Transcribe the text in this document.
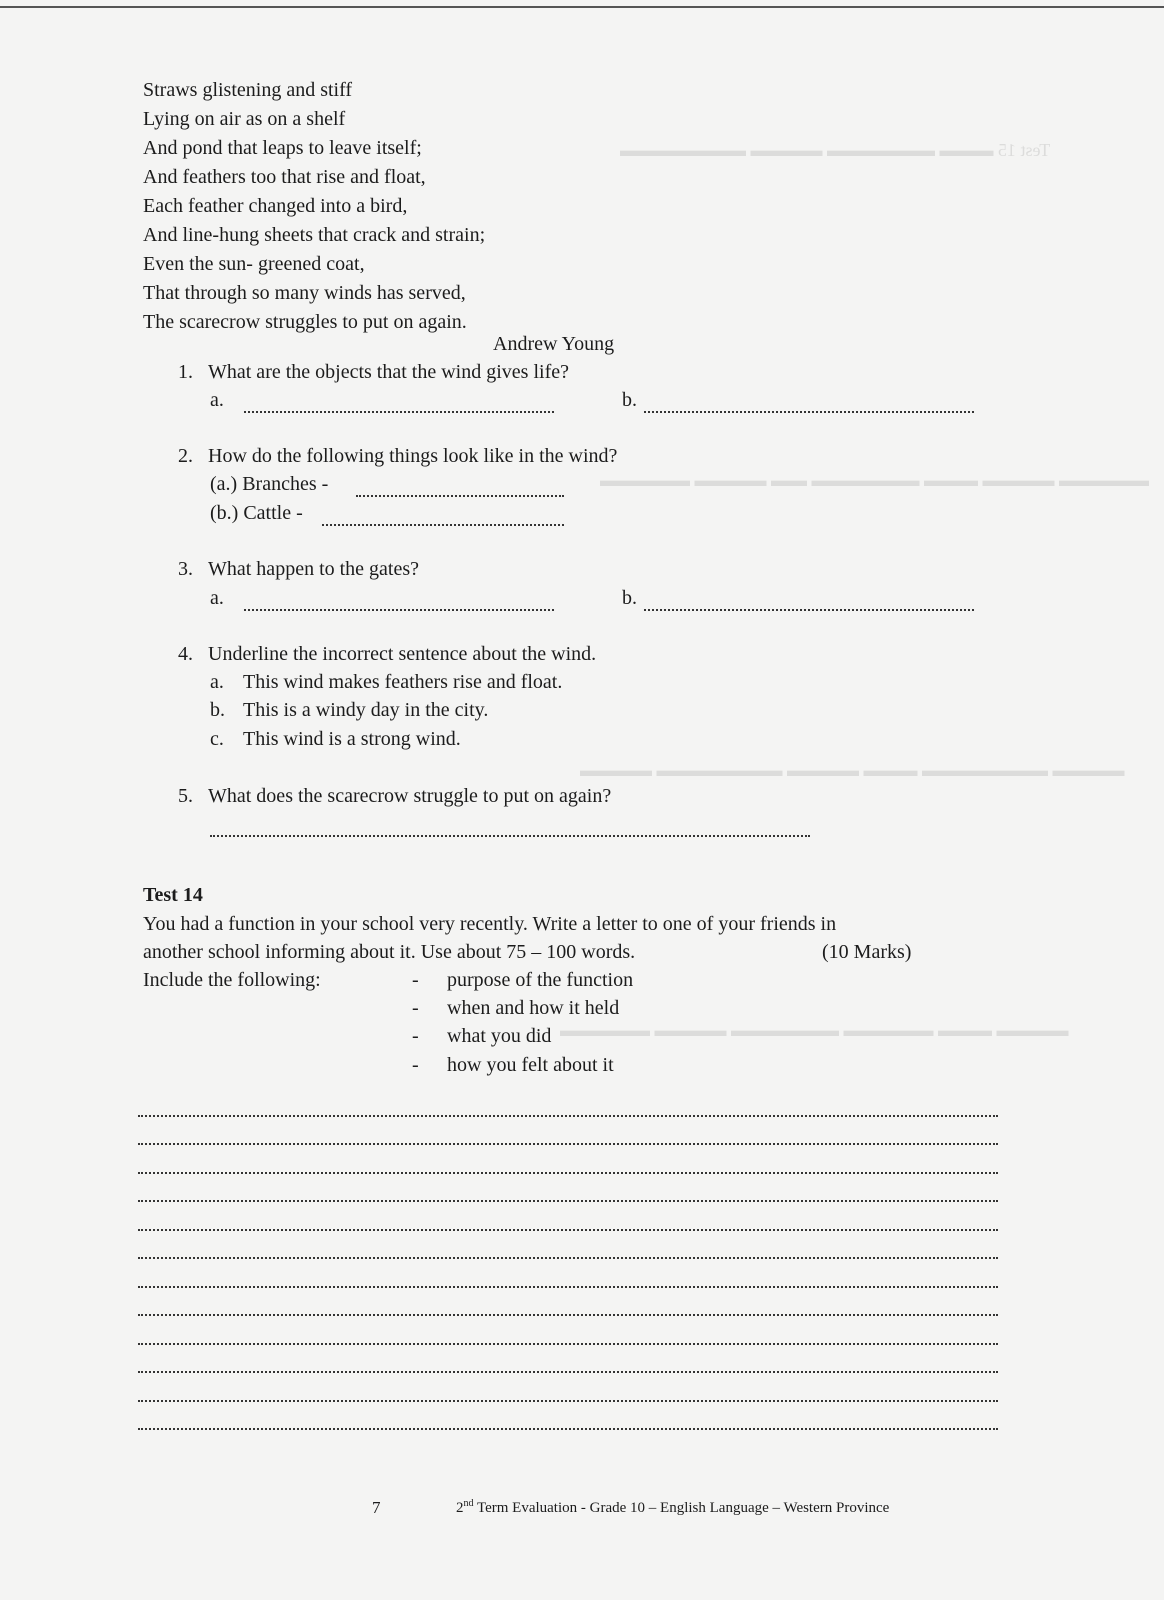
Test 15 ▬▬▬ ▬▬▬▬▬▬ ▬▬▬▬ ▬▬▬▬▬▬▬
▬▬▬▬▬ ▬▬▬▬ ▬▬▬ ▬▬▬▬▬▬ ▬▬ ▬▬▬▬ ▬▬▬▬▬
▬▬▬▬ ▬▬▬▬▬▬▬ ▬▬▬ ▬▬▬▬ ▬▬▬▬▬▬▬ ▬▬▬▬
▬▬▬▬ ▬▬▬ ▬▬▬▬▬ ▬▬▬▬▬▬ ▬▬▬▬ ▬▬▬▬▬
Straws glistening and stiff
Lying on air as on a shelf
And pond that leaps to leave itself;
And feathers too that rise and float,
Each feather changed into a bird,
And line-hung sheets that crack and strain;
Even the sun- greened coat,
That through so many winds has served,
The scarecrow struggles to put on again.
Andrew Young
1. What are the objects that the wind gives life?
a.	b.
2. How do the following things look like in the wind?
(a.) Branches -
(b.) Cattle -
3. What happen to the gates?
a.	b.
4. Underline the incorrect sentence about the wind.
a. This wind makes feathers rise and float.
b. This is a windy day in the city.
c. This wind is a strong wind.
5. What does the scarecrow struggle to put on again?
Test 14
You had a function in your school very recently. Write a letter to one of your friends in
another school informing about it. Use about 75 – 100 words.	(10 Marks)
Include the following:	- purpose of the function
- when and how it held
- what you did
- how you felt about it
7	2nd Term Evaluation - Grade 10 – English Language – Western Province
